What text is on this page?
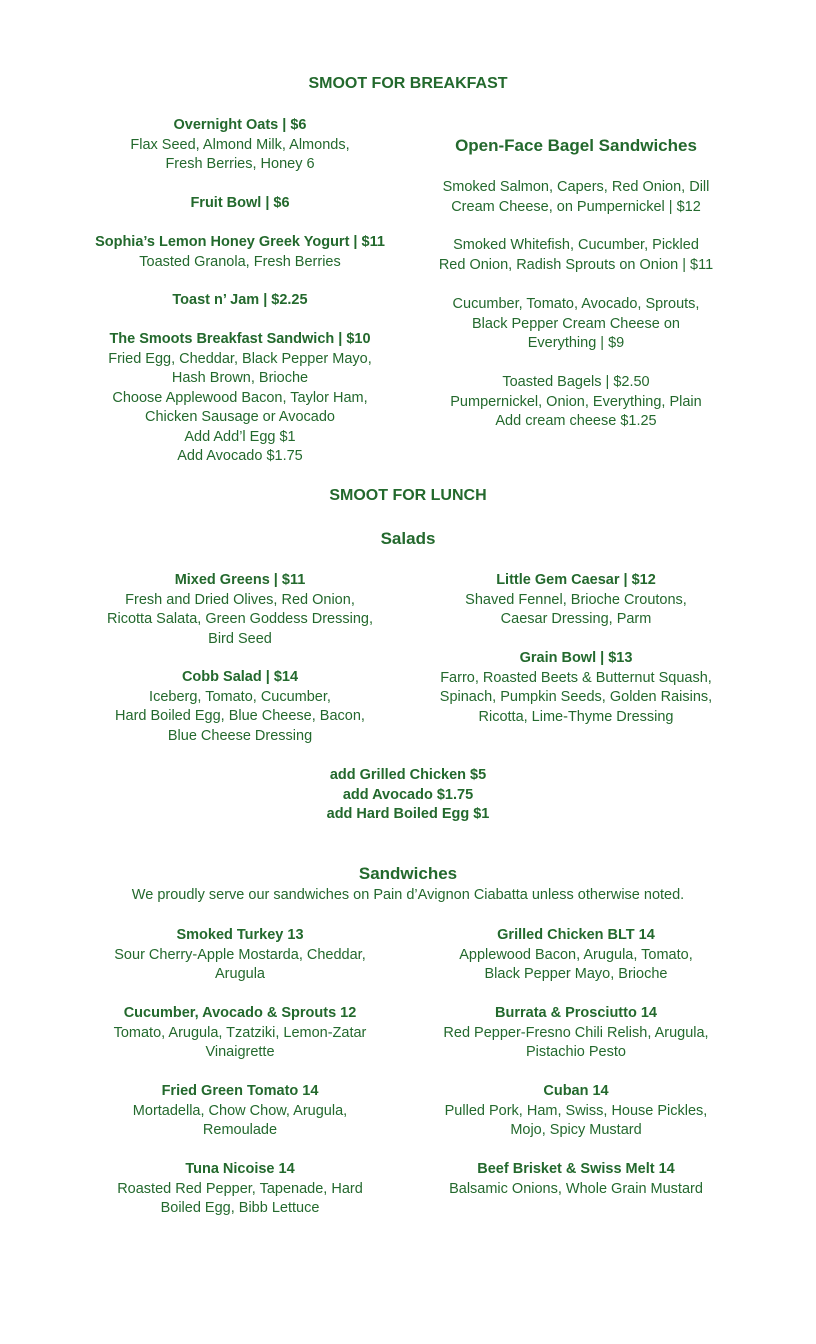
SMOOT FOR BREAKFAST
Overnight Oats | $6
Flax Seed, Almond Milk, Almonds,
Fresh Berries, Honey 6
Fruit Bowl | $6
Sophia’s Lemon Honey Greek Yogurt | $11
Toasted Granola, Fresh Berries
Toast n’ Jam | $2.25
The Smoots Breakfast Sandwich | $10
Fried Egg, Cheddar, Black Pepper Mayo,
Hash Brown, Brioche
Choose Applewood Bacon, Taylor Ham,
Chicken Sausage or Avocado
Add Add’l Egg $1
Add Avocado $1.75
Open-Face Bagel Sandwiches
Smoked Salmon, Capers, Red Onion, Dill
Cream Cheese, on Pumpernickel | $12
Smoked Whitefish, Cucumber, Pickled
Red Onion, Radish Sprouts on Onion | $11
Cucumber, Tomato, Avocado, Sprouts,
Black Pepper Cream Cheese on
Everything | $9
Toasted Bagels | $2.50
Pumpernickel, Onion, Everything, Plain
Add cream cheese $1.25
SMOOT FOR LUNCH
Salads
Mixed Greens | $11
Fresh and Dried Olives, Red Onion,
Ricotta Salata, Green Goddess Dressing,
Bird Seed
Cobb Salad | $14
Iceberg, Tomato, Cucumber,
Hard Boiled Egg, Blue Cheese, Bacon,
Blue Cheese Dressing
Little Gem Caesar | $12
Shaved Fennel, Brioche Croutons,
Caesar Dressing, Parm
Grain Bowl | $13
Farro, Roasted Beets & Butternut Squash,
Spinach, Pumpkin Seeds, Golden Raisins,
Ricotta, Lime-Thyme Dressing
add Grilled Chicken $5
add Avocado $1.75
add Hard Boiled Egg $1
Sandwiches
We proudly serve our sandwiches on Pain d’Avignon Ciabatta unless otherwise noted.
Smoked Turkey 13
Sour Cherry-Apple Mostarda, Cheddar,
Arugula
Cucumber, Avocado & Sprouts 12
Tomato, Arugula, Tzatziki, Lemon-Zatar
Vinaigrette
Fried Green Tomato 14
Mortadella, Chow Chow, Arugula,
Remoulade
Tuna Nicoise 14
Roasted Red Pepper, Tapenade, Hard
Boiled Egg, Bibb Lettuce
Grilled Chicken BLT 14
Applewood Bacon, Arugula, Tomato,
Black Pepper Mayo, Brioche
Burrata & Prosciutto 14
Red Pepper-Fresno Chili Relish, Arugula,
Pistachio Pesto
Cuban 14
Pulled Pork, Ham, Swiss, House Pickles,
Mojo, Spicy Mustard
Beef Brisket & Swiss Melt 14
Balsamic Onions, Whole Grain Mustard
